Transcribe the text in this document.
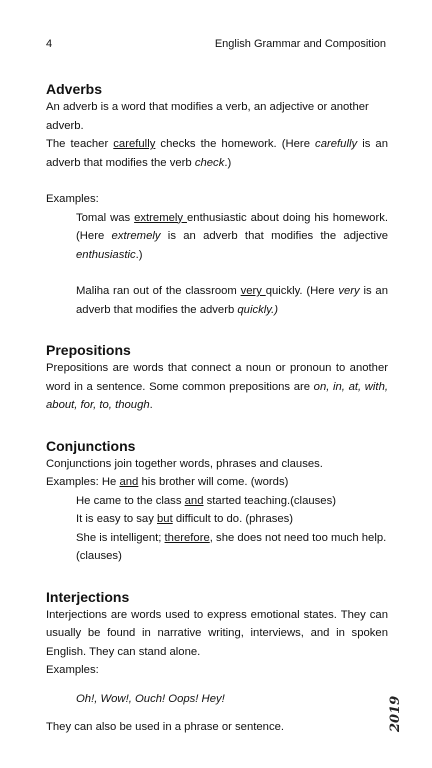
4	English Grammar and Composition
Adverbs

An adverb is a word that modifies a verb, an adjective or another adverb.

The teacher carefully checks the homework. (Here carefully is an adverb that modifies the verb check.)

Examples:

Tomal was extremely enthusiastic about doing his homework. (Here extremely is an adverb that modifies the adjective enthusiastic.)

Maliha ran out of the classroom very quickly. (Here very is an adverb that modifies the adverb quickly.)

Prepositions

Prepositions are words that connect a noun or pronoun to another word in a sentence. Some common prepositions are on, in, at, with, about, for, to, though.

Conjunctions

Conjunctions join together words, phrases and clauses.

Examples: He and his brother will come. (words)

He came to the class and started teaching.(clauses)

It is easy to say but difficult to do. (phrases)

She is intelligent; therefore, she does not need too much help.

(clauses)

Interjections

Interjections are words used to express emotional states. They can usually be found in narrative writing, interviews, and in spoken English. They can stand alone.

Examples:

Oh!, Wow!, Ouch! Oops! Hey!

They can also be used in a phrase or sentence.	2019
